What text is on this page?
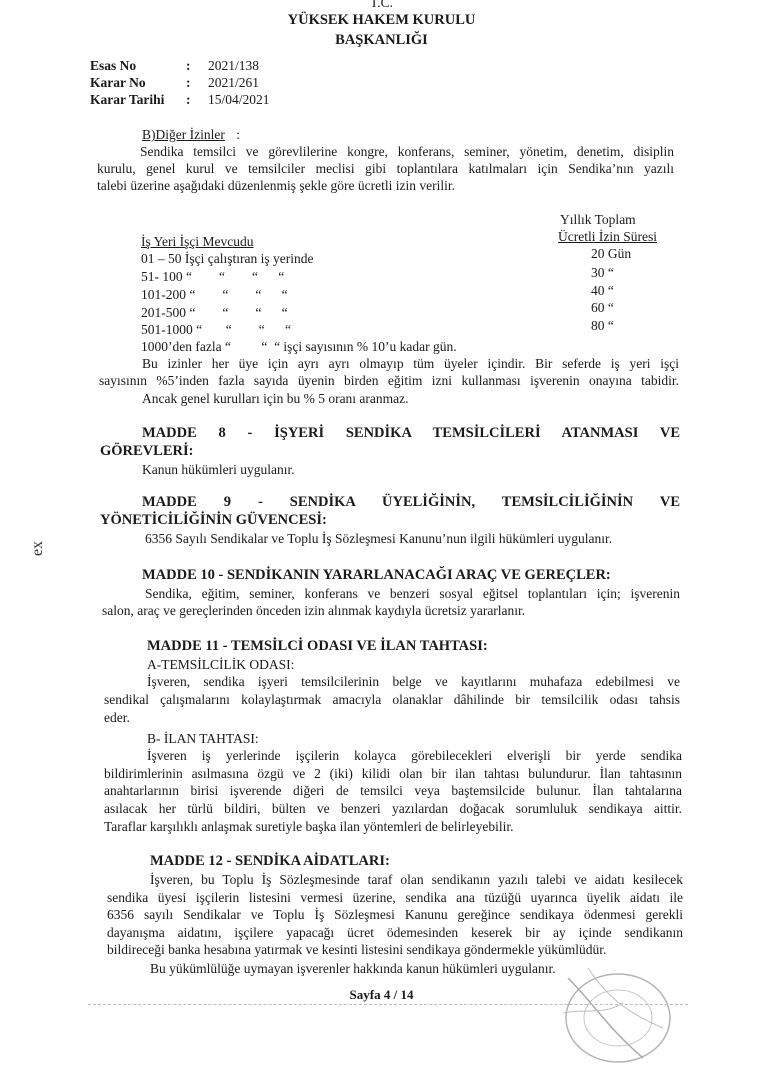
T.C.
YÜKSEK HAKEM KURULU
BAŞKANLIĞI
Esas No	: 2021/138
Karar No	: 2021/261
Karar Tarihi : 15/04/2021
B)Diğer İzinler :
Sendika temsilci ve görevlilerine kongre, konferans, seminer, yönetim, denetim, disiplin
kurulu, genel kurul ve temsilciler meclisi gibi toplantılara katılmaları için Sendika’nın yazılı
talebi üzerine aşağıdaki düzenlenmiş şekle göre ücretli izin verilir.
Yıllık Toplam
İş Yeri İşçi Mevcudu	Ücretli İzin Süresi
01 – 50 İşçi çalıştıran iş yerinde	20 Gün
51- 100 “        “        “      “	30 “
101-200 “        “        “      “	40 “
201-500 “        “        “      “	60 “
501-1000 “       “        “      “	80 “
1000’den fazla “         “  “ işçi sayısının % 10’u kadar gün.
Bu izinler her üye için ayrı ayrı olmayıp tüm üyeler içindir. Bir seferde iş yeri işçi
sayısının %5’inden fazla sayıda üyenin birden eğitim izni kullanması işverenin onayına tabidir.
Ancak genel kurulları için bu % 5 oranı aranmaz.
MADDE 8 - İŞYERİ SENDİKA TEMSİLCİLERİ ATANMASI VE
GÖREVLERİ:
Kanun hükümleri uygulanır.
MADDE 9 - SENDİKA ÜYELİĞİNİN, TEMSİLCİLİĞİNİN VE
YÖNETİCİLİĞİNİN GÜVENCESİ:
6356 Sayılı Sendikalar ve Toplu İş Sözleşmesi Kanunu’nun ilgili hükümleri uygulanır.
MADDE 10 - SENDİKANIN YARARLANACAĞI ARAÇ VE GEREÇLER:
Sendika, eğitim, seminer, konferans ve benzeri sosyal eğitsel toplantıları için; işverenin
salon, araç ve gereçlerinden önceden izin alınmak kaydıyla ücretsiz yararlanır.
MADDE 11 - TEMSİLCİ ODASI VE İLAN TAHTASI:
A-TEMSİLCİLİK ODASI:
İşveren, sendika işyeri temsilcilerinin belge ve kayıtlarını muhafaza edebilmesi ve
sendikal çalışmalarını kolaylaştırmak amacıyla olanaklar dâhilinde bir temsilcilik odası tahsis
eder.
B- İLAN TAHTASI:
İşveren iş yerlerinde işçilerin kolayca görebilecekleri elverişli bir yerde sendika
bildirimlerinin asılmasına özgü ve 2 (iki) kilidi olan bir ilan tahtası bulundurur. İlan tahtasının
anahtarlarının birisi işverende diğeri de temsilci veya baştemsilcide bulunur. İlan tahtalarına
asılacak her türlü bildiri, bülten ve benzeri yazılardan doğacak sorumluluk sendikaya aittir.
Taraflar karşılıklı anlaşmak suretiyle başka ilan yöntemleri de belirleyebilir.
MADDE 12 - SENDİKA AİDATLARI:
İşveren, bu Toplu İş Sözleşmesinde taraf olan sendikanın yazılı talebi ve aidatı kesilecek
sendika üyesi işçilerin listesini vermesi üzerine, sendika ana tüzüğü uyarınca üyelik aidatı ile
6356 sayılı Sendikalar ve Toplu İş Sözleşmesi Kanunu gereğince sendikaya ödenmesi gerekli
dayanışma aidatını, işçilere yapacağı ücret ödemesinden keserek bir ay içinde sendikanın
bildireceği banka hesabına yatırmak ve kesinti listesini sendikaya göndermekle yükümlüdür.
Bu yükümlülüğe uymayan işverenler hakkında kanun hükümleri uygulanır.
Sayfa 4 / 14
ex
